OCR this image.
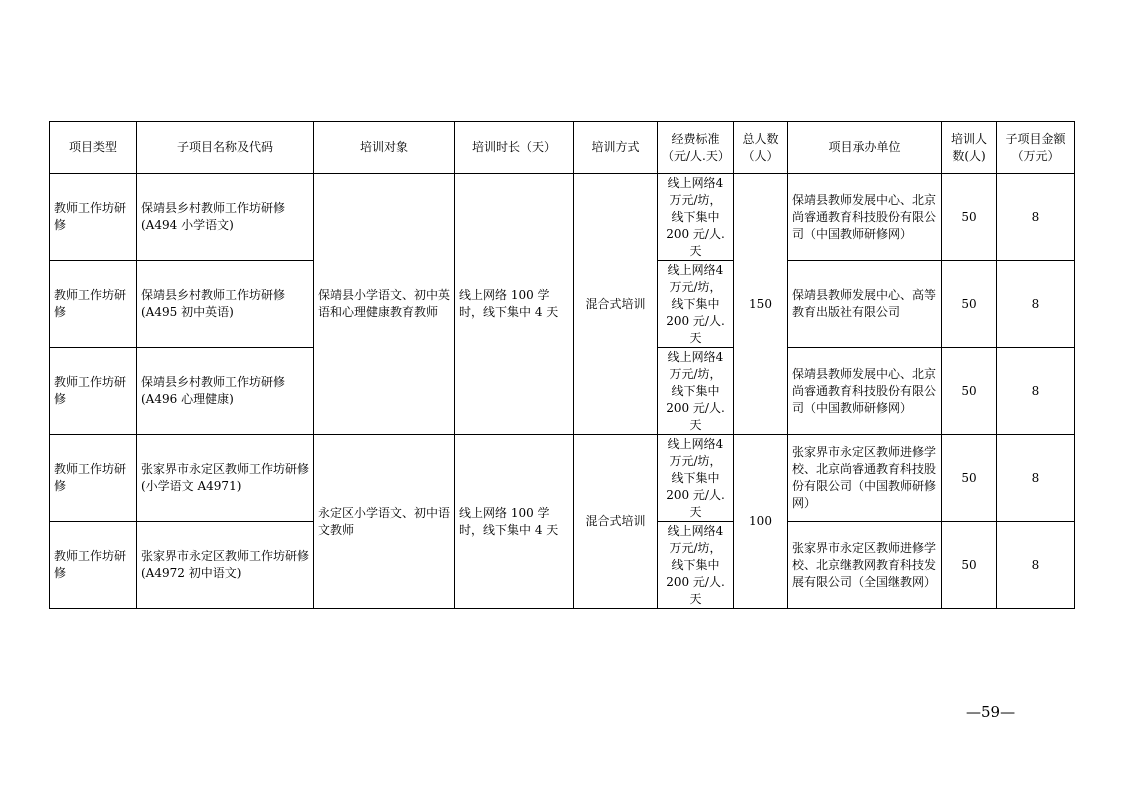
项目类型	子项目名称及代码	培训对象	培训时长（天）	培训方式	经费标准（元/人.天）	总人数（人）	项目承办单位	培训人数(人)	子项目金额（万元）
教师工作坊研修	保靖县乡村教师工作坊研修(A494 小学语文)	保靖县小学语文、初中英语和心理健康教育教师	线上网络 100 学时，线下集中 4 天	混合式培训	线上网络4
万元/坊，
线下集中
200 元/人.
天	150	保靖县教师发展中心、北京尚睿通教育科技股份有限公司（中国教师研修网）	50	8
教师工作坊研修	保靖县乡村教师工作坊研修(A495 初中英语)				线上网络4
万元/坊，
线下集中
200 元/人.
天		保靖县教师发展中心、高等教育出版社有限公司	50	8
教师工作坊研修	保靖县乡村教师工作坊研修(A496 心理健康)				线上网络4
万元/坊，
线下集中
200 元/人.
天		保靖县教师发展中心、北京尚睿通教育科技股份有限公司（中国教师研修网）	50	8
教师工作坊研修	张家界市永定区教师工作坊研修(小学语文 A4971)	永定区小学语文、初中语文教师	线上网络 100 学时，线下集中 4 天	混合式培训	线上网络4
万元/坊，
线下集中
200 元/人.
天	100	张家界市永定区教师进修学校、北京尚睿通教育科技股份有限公司（中国教师研修网）	50	8
教师工作坊研修	张家界市永定区教师工作坊研修(A4972 初中语文)				线上网络4
万元/坊，
线下集中
200 元/人.
天		张家界市永定区教师进修学校、北京继教网教育科技发展有限公司（全国继教网）	50	8
—59—
